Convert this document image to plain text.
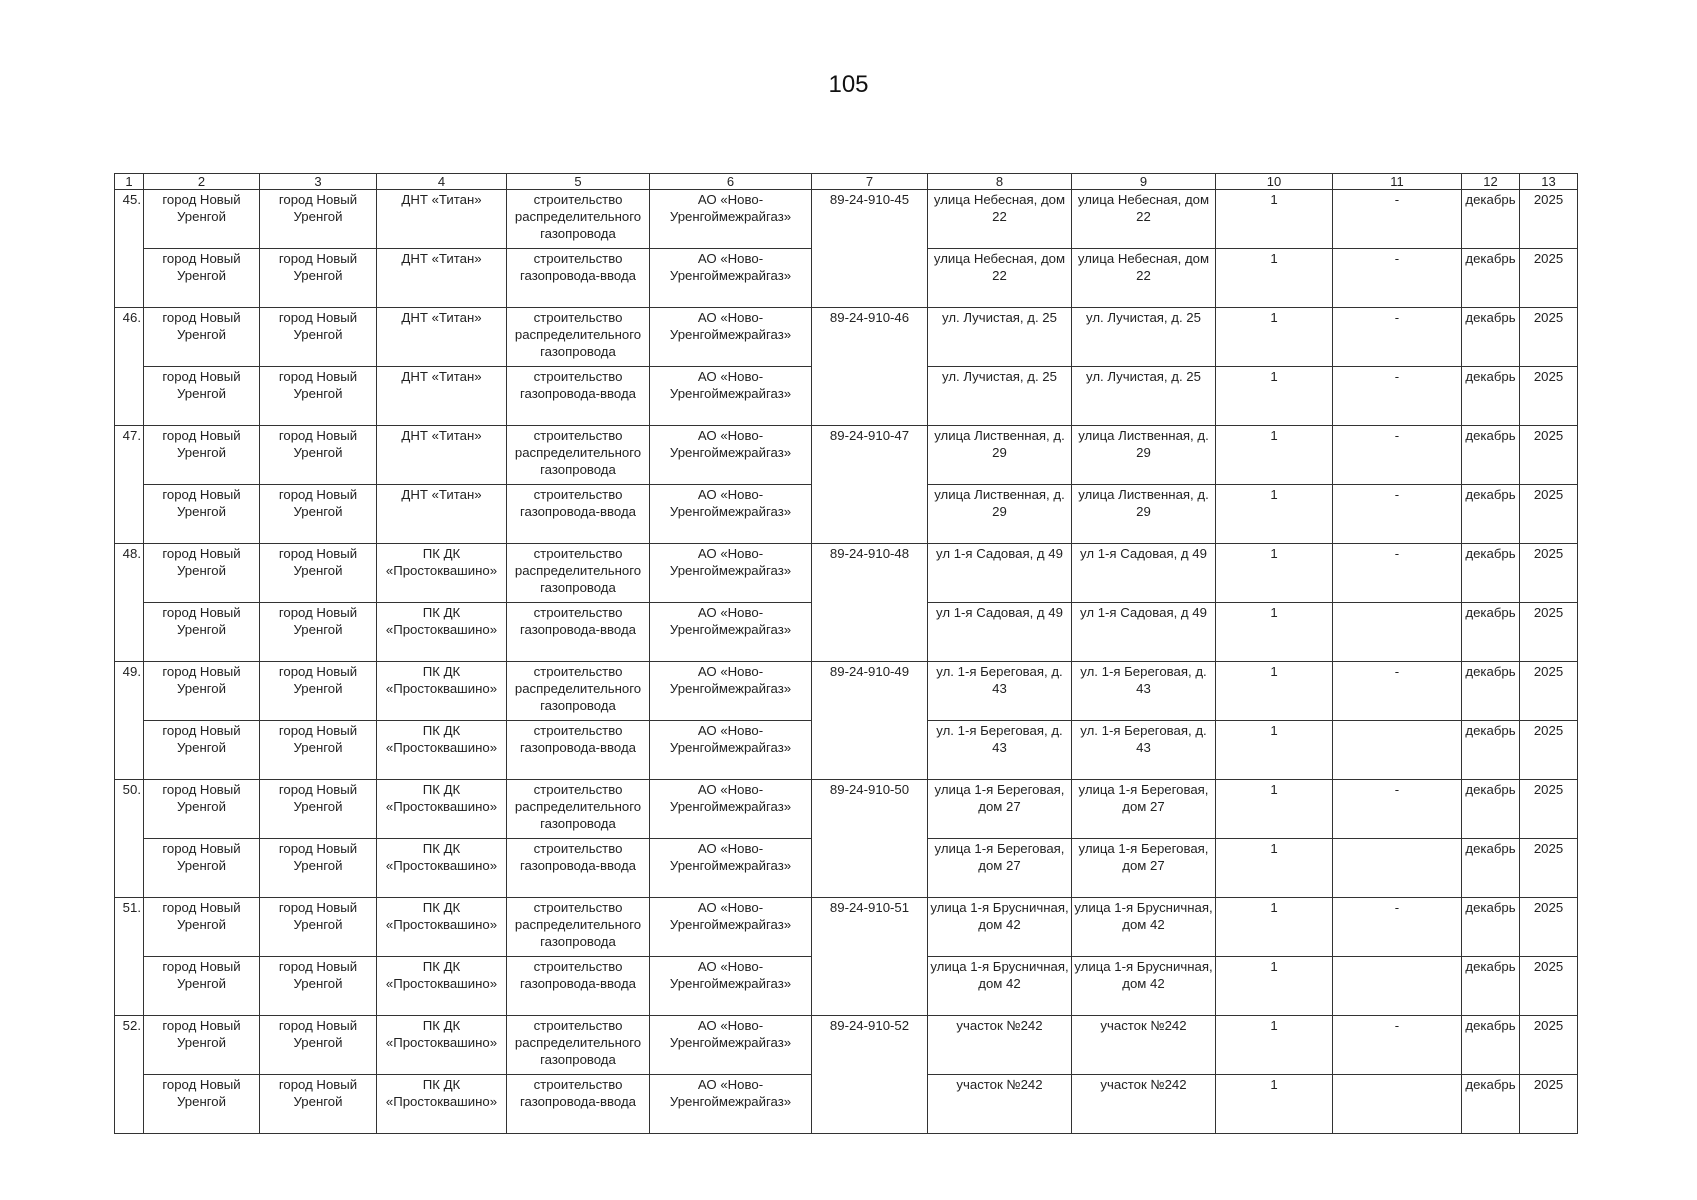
105
1	2	3	4	5	6	7	8	9	10	11	12	13
45.	город Новый Уренгой	город Новый Уренгой	ДНТ «Титан»	строительство распределительного газопровода	АО «Ново-Уренгоймежрайгаз»	89-24-910-45	улица Небесная, дом 22	улица Небесная, дом 22	1	-	декабрь	2025
	город Новый Уренгой	город Новый Уренгой	ДНТ «Титан»	строительство газопровода-ввода	АО «Ново-Уренгоймежрайгаз»		улица Небесная, дом 22	улица Небесная, дом 22	1	-	декабрь	2025
46.	город Новый Уренгой	город Новый Уренгой	ДНТ «Титан»	строительство распределительного газопровода	АО «Ново-Уренгоймежрайгаз»	89-24-910-46	ул. Лучистая, д. 25	ул. Лучистая, д. 25	1	-	декабрь	2025
	город Новый Уренгой	город Новый Уренгой	ДНТ «Титан»	строительство газопровода-ввода	АО «Ново-Уренгоймежрайгаз»		ул. Лучистая, д. 25	ул. Лучистая, д. 25	1	-	декабрь	2025
47.	город Новый Уренгой	город Новый Уренгой	ДНТ «Титан»	строительство распределительного газопровода	АО «Ново-Уренгоймежрайгаз»	89-24-910-47	улица Лиственная, д. 29	улица Лиственная, д. 29	1	-	декабрь	2025
	город Новый Уренгой	город Новый Уренгой	ДНТ «Титан»	строительство газопровода-ввода	АО «Ново-Уренгоймежрайгаз»		улица Лиственная, д. 29	улица Лиственная, д. 29	1	-	декабрь	2025
48.	город Новый Уренгой	город Новый Уренгой	ПК ДК «Простоквашино»	строительство распределительного газопровода	АО «Ново-Уренгоймежрайгаз»	89-24-910-48	ул 1-я Садовая, д 49	ул 1-я Садовая, д 49	1	-	декабрь	2025
	город Новый Уренгой	город Новый Уренгой	ПК ДК «Простоквашино»	строительство газопровода-ввода	АО «Ново-Уренгоймежрайгаз»		ул 1-я Садовая, д 49	ул 1-я Садовая, д 49	1		декабрь	2025
49.	город Новый Уренгой	город Новый Уренгой	ПК ДК «Простоквашино»	строительство распределительного газопровода	АО «Ново-Уренгоймежрайгаз»	89-24-910-49	ул. 1-я Береговая, д. 43	ул. 1-я Береговая, д. 43	1	-	декабрь	2025
	город Новый Уренгой	город Новый Уренгой	ПК ДК «Простоквашино»	строительство газопровода-ввода	АО «Ново-Уренгоймежрайгаз»		ул. 1-я Береговая, д. 43	ул. 1-я Береговая, д. 43	1		декабрь	2025
50.	город Новый Уренгой	город Новый Уренгой	ПК ДК «Простоквашино»	строительство распределительного газопровода	АО «Ново-Уренгоймежрайгаз»	89-24-910-50	улица 1-я Береговая, дом 27	улица 1-я Береговая, дом 27	1	-	декабрь	2025
	город Новый Уренгой	город Новый Уренгой	ПК ДК «Простоквашино»	строительство газопровода-ввода	АО «Ново-Уренгоймежрайгаз»		улица 1-я Береговая, дом 27	улица 1-я Береговая, дом 27	1		декабрь	2025
51.	город Новый Уренгой	город Новый Уренгой	ПК ДК «Простоквашино»	строительство распределительного газопровода	АО «Ново-Уренгоймежрайгаз»	89-24-910-51	улица 1-я Брусничная, дом 42	улица 1-я Брусничная, дом 42	1	-	декабрь	2025
	город Новый Уренгой	город Новый Уренгой	ПК ДК «Простоквашино»	строительство газопровода-ввода	АО «Ново-Уренгоймежрайгаз»		улица 1-я Брусничная, дом 42	улица 1-я Брусничная, дом 42	1		декабрь	2025
52.	город Новый Уренгой	город Новый Уренгой	ПК ДК «Простоквашино»	строительство распределительного газопровода	АО «Ново-Уренгоймежрайгаз»	89-24-910-52	участок №242	участок №242	1	-	декабрь	2025
	город Новый Уренгой	город Новый Уренгой	ПК ДК «Простоквашино»	строительство газопровода-ввода	АО «Ново-Уренгоймежрайгаз»		участок №242	участок №242	1		декабрь	2025
